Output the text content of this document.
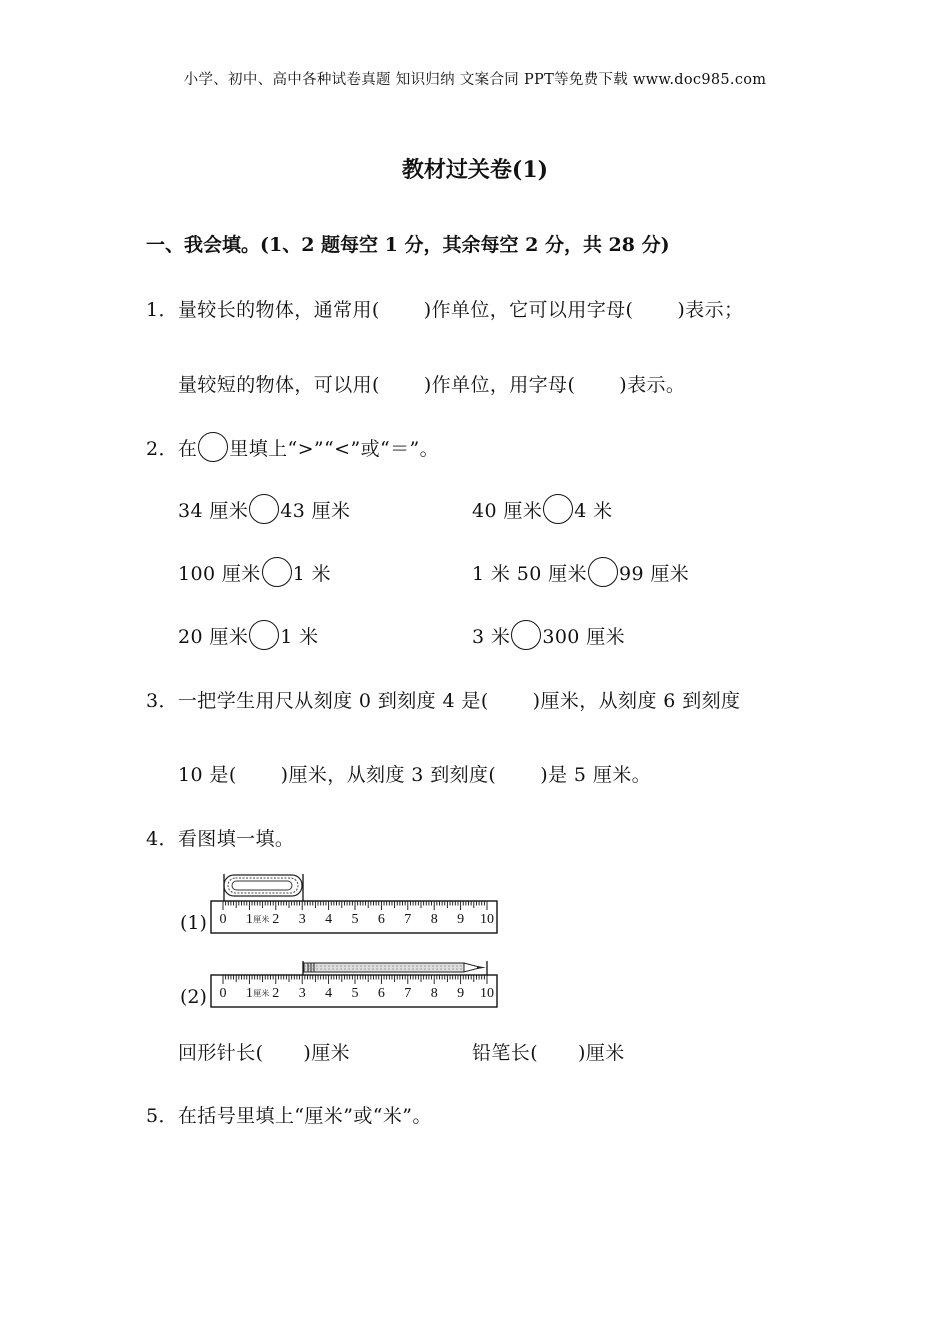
小学、初中、高中各种试卷真题 知识归纳 文案合同 PPT等免费下载 www.doc985.com
教材过关卷(1)
一、我会填。(1、2 题每空 1 分，其余每空 2 分，共 28 分)
1．量较长的物体，通常用( )作单位，它可以用字母( )表示；
量较短的物体，可以用( )作单位，用字母( )表示。
2．在 里填上“>”“<”或“＝”。
34 厘米 43 厘米	40 厘米 4 米
100 厘米 1 米	1 米 50 厘米 99 厘米
20 厘米 1 米	3 米 300 厘米
3．一把学生用尺从刻度 0 到刻度 4 是( )厘米，从刻度 6 到刻度
10 是( )厘米，从刻度 3 到刻度( )是 5 厘米。
4．看图填一填。
(1)
(2)
0 1 2 3 4 5 6 7 8 9 10
厘米
0 1 2 3 4 5 6 7 8 9 10
厘米
回形针长( )厘米	铅笔长( )厘米
5．在括号里填上“厘米”或“米”。
